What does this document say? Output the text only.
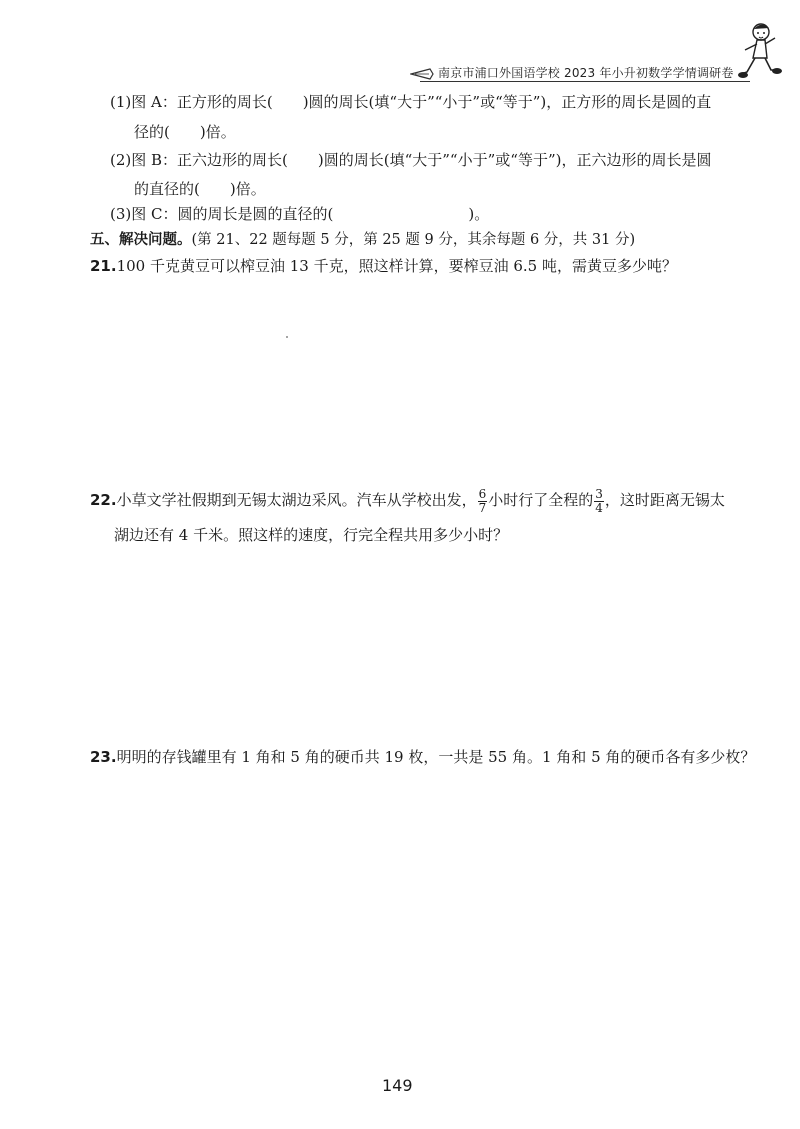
南京市浦口外国语学校 2023 年小升初数学学情调研卷
(1)图 A：正方形的周长(　　)圆的周长(填“大于”“小于”或“等于”)，正方形的周长是圆的直
径的(　　)倍。
(2)图 B：正六边形的周长(　　)圆的周长(填“大于”“小于”或“等于”)，正六边形的周长是圆
的直径的(　　)倍。
(3)图 C：圆的周长是圆的直径的(　　　　　　　　　)。
五、解决问题。(第 21、22 题每题 5 分，第 25 题 9 分，其余每题 6 分，共 31 分)
21.100 千克黄豆可以榨豆油 13 千克，照这样计算，要榨豆油 6.5 吨，需黄豆多少吨？
22.小草文学社假期到无锡太湖边采风。汽车从学校出发， $\frac{6}{7}$ 小时行了全程的 $\frac{3}{4}$ ，这时距离无锡太
湖边还有 4 千米。照这样的速度，行完全程共用多少小时？
23.明明的存钱罐里有 1 角和 5 角的硬币共 19 枚，一共是 55 角。1 角和 5 角的硬币各有多少枚？
149
